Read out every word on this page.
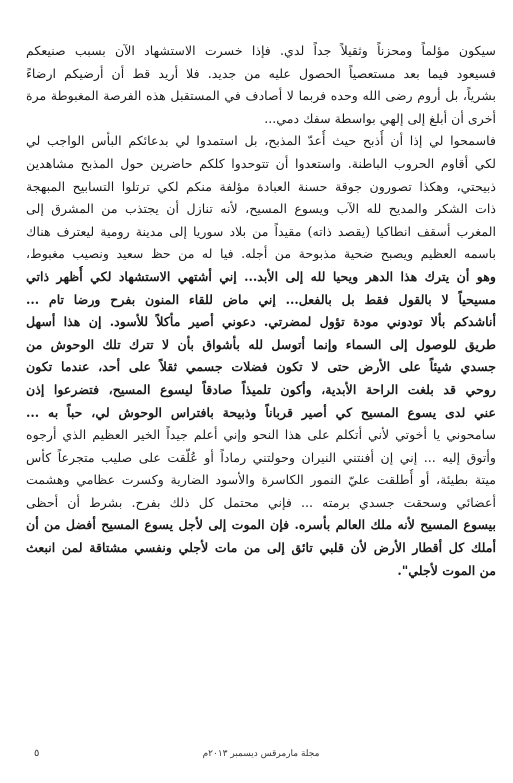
سيكون مؤلماً ومحزناً وثقيلاً جداً لدي. فإذا خسرت الاستشهاد الآن بسبب صنيعكم
فسيعود فيما بعد مستعصياً الحصول عليه من جديد. فلا أريد قط أن أرضيكم ارضاءً
بشرياً، بل أروم رضى الله وحده فربما لا أصادف في المستقبل هذه الفرصة المغبوطة مرة
أخرى أن أبلغ إلى إلهي بواسطة سفك دمي...
فاسمحوا لي إذا أن أُذبح حيث أُعدّ المذبح، بل استمدوا لي بدعائكم البأس الواجب لي
لكي أقاوم الحروب الباطنة. واستعدوا أن تتوحدوا كلكم حاضرين حول المذبح مشاهدين
ذبيحتي، وهكذا تصورون جوقة حسنة العبادة مؤلفة منكم لكي ترتلوا التسابيح المبهجة
ذات الشكر والمديح لله الآب ويسوع المسيح، لأنه تنازل أن يجتذب من المشرق إلى
المغرب أسقف انطاكيا (يقصد ذاته) مقيداً من بلاد سوريا إلى مدينة رومية ليعترف هناك
باسمه العظيم ويصبح ضحية مذبوحة من أجله. فيا له من حظ سعيد ونصيب مغبوط،
وهو أن يترك هذا الدهر ويحيا لله إلى الأبد... إني أشتهي الاستشهاد لكي أُظهر ذاتي
مسيحياً لا بالقول فقط بل بالفعل... إني ماض للقاء المنون بفرح ورضا تام ...
أناشدكم بألا تودوني مودة تؤول لمضرتي. دعوني أصير مأكلاً للأسود. إن هذا أسهل
طريق للوصول إلى السماء وإنما أتوسل لله بأشواق بأن لا تترك تلك الوحوش من
جسدي شيئاً على الأرض حتى لا تكون فضلات جسمي ثقلاً على أحد، عندما تكون
روحي قد بلغت الراحة الأبدية، وأكون تلميذاً صادقاً ليسوع المسيح، فتضرعوا إذن
عني لدى يسوع المسيح كي أصير قرباناً وذبيحة بافتراس الوحوش لي، حباً به ...
سامحوني يا أخوتي لأني أتكلم على هذا النحو وإني أعلم جيداً الخير العظيم الذي أرجوه
وأتوق إليه ... إني إن أفنتني النيران وحولتني رماداً أو عُلّقت على صليب متجرعاً كأس
ميتة بطيئة، أو أُطلقت عليّ النمور الكاسرة والأسود الضارية وكسرت عظامي وهشمت
أعضائي وسحقت جسدي برمته ... فإني محتمل كل ذلك بفرح. بشرط أن أحظى
بيسوع المسيح لأنه ملك العالم بأسره. فإن الموت إلى لأجل يسوع المسيح أفضل من أن
أملك كل أقطار الأرض لأن قلبي تائق إلى من مات لأجلي ونفسي مشتاقة لمن انبعث
من الموت لأجلي".
٥	مجلة مارمرقس ديسمبر ٢٠١٣م
